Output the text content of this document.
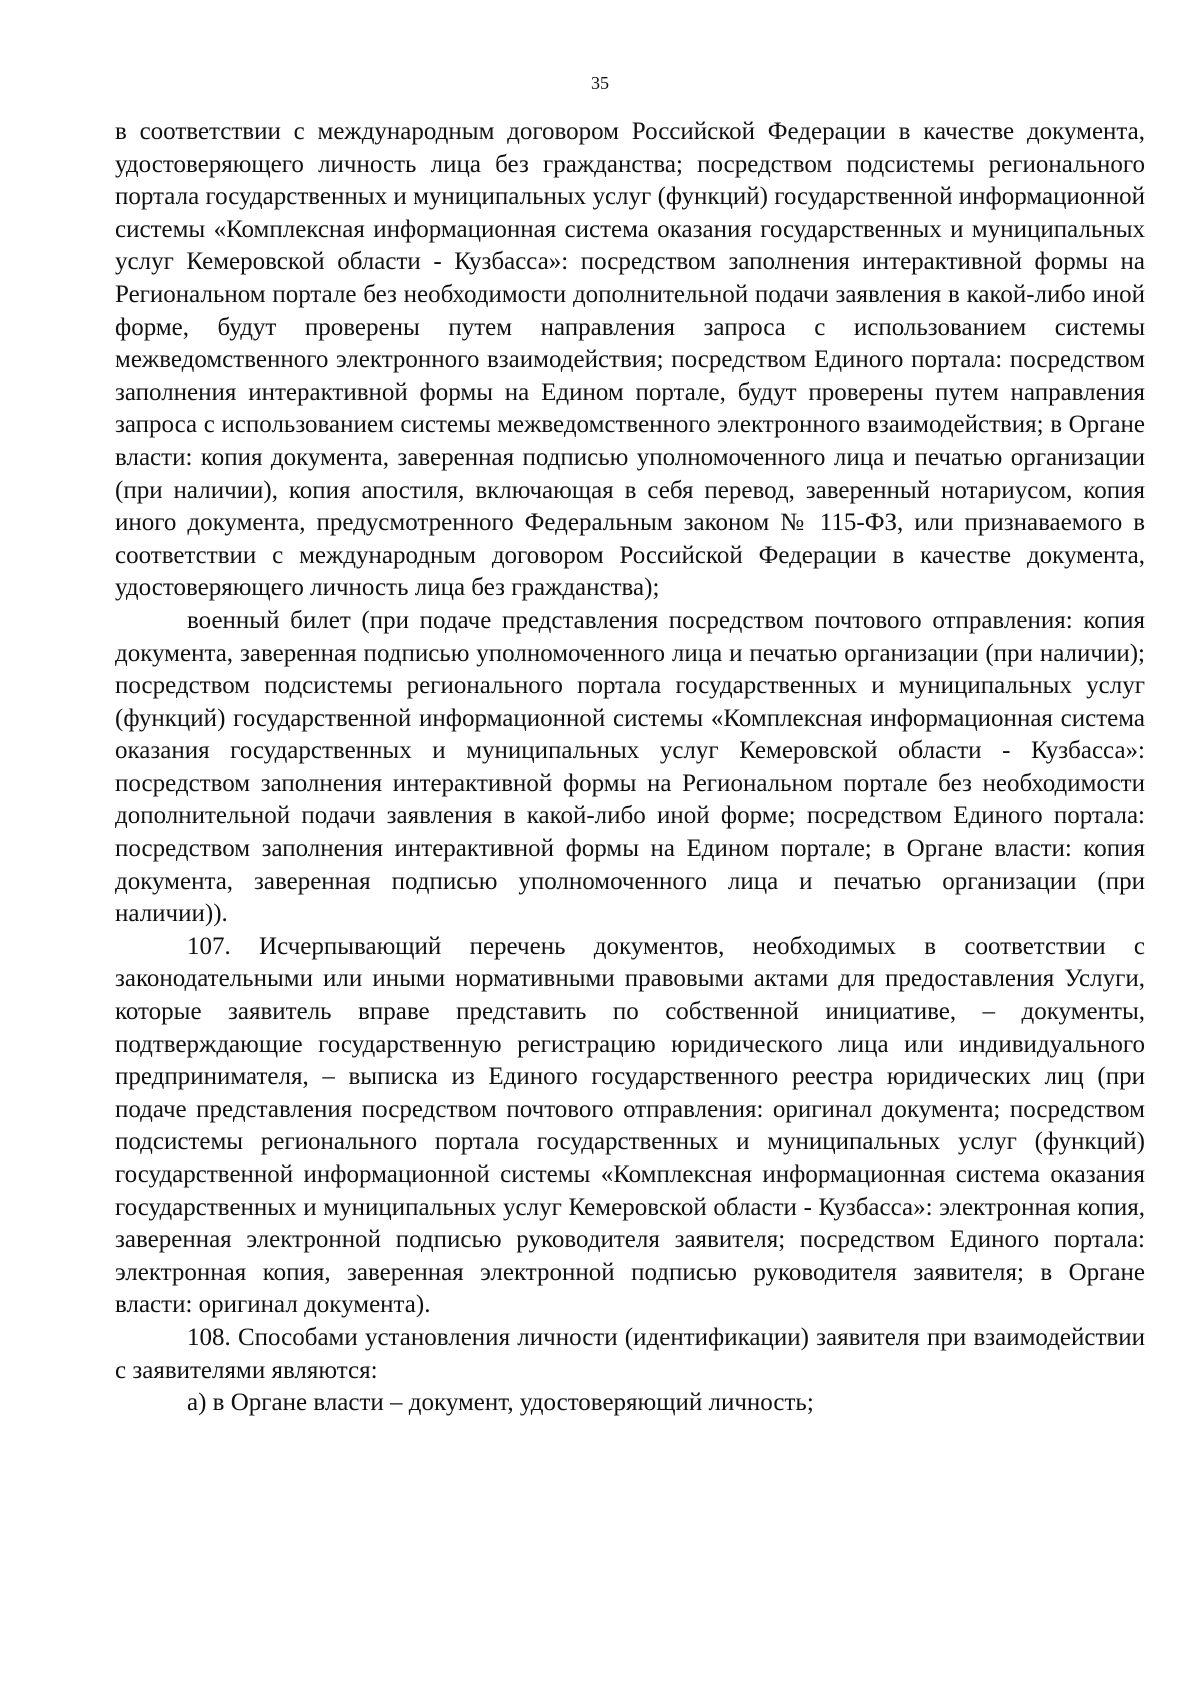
35

в соответствии с международным договором Российской Федерации в качестве документа, удостоверяющего личность лица без гражданства; посредством подсистемы регионального портала государственных и муниципальных услуг (функций) государственной информационной системы «Комплексная информационная система оказания государственных и муниципальных услуг Кемеровской области - Кузбасса»: посредством заполнения интерактивной формы на Региональном портале без необходимости дополнительной подачи заявления в какой-либо иной форме, будут проверены путем направления запроса с использованием системы межведомственного электронного взаимодействия; посредством Единого портала: посредством заполнения интерактивной формы на Едином портале, будут проверены путем направления запроса с использованием системы межведомственного электронного взаимодействия; в Органе власти: копия документа, заверенная подписью уполномоченного лица и печатью организации (при наличии), копия апостиля, включающая в себя перевод, заверенный нотариусом, копия иного документа, предусмотренного Федеральным законом № 115-ФЗ, или признаваемого в соответствии с международным договором Российской Федерации в качестве документа, удостоверяющего личность лица без гражданства);

военный билет (при подаче представления посредством почтового отправления: копия документа, заверенная подписью уполномоченного лица и печатью организации (при наличии); посредством подсистемы регионального портала государственных и муниципальных услуг (функций) государственной информационной системы «Комплексная информационная система оказания государственных и муниципальных услуг Кемеровской области - Кузбасса»: посредством заполнения интерактивной формы на Региональном портале без необходимости дополнительной подачи заявления в какой-либо иной форме; посредством Единого портала: посредством заполнения интерактивной формы на Едином портале; в Органе власти: копия документа, заверенная подписью уполномоченного лица и печатью организации (при наличии)).

107. Исчерпывающий перечень документов, необходимых в соответствии с законодательными или иными нормативными правовыми актами для предоставления Услуги, которые заявитель вправе представить по собственной инициативе, – документы, подтверждающие государственную регистрацию юридического лица или индивидуального предпринимателя, – выписка из Единого государственного реестра юридических лиц (при подаче представления посредством почтового отправления: оригинал документа; посредством подсистемы регионального портала государственных и муниципальных услуг (функций) государственной информационной системы «Комплексная информационная система оказания государственных и муниципальных услуг Кемеровской области - Кузбасса»: электронная копия, заверенная электронной подписью руководителя заявителя; посредством Единого портала: электронная копия, заверенная электронной подписью руководителя заявителя; в Органе власти: оригинал документа).

108. Способами установления личности (идентификации) заявителя при взаимодействии с заявителями являются:

а) в Органе власти – документ, удостоверяющий личность;
